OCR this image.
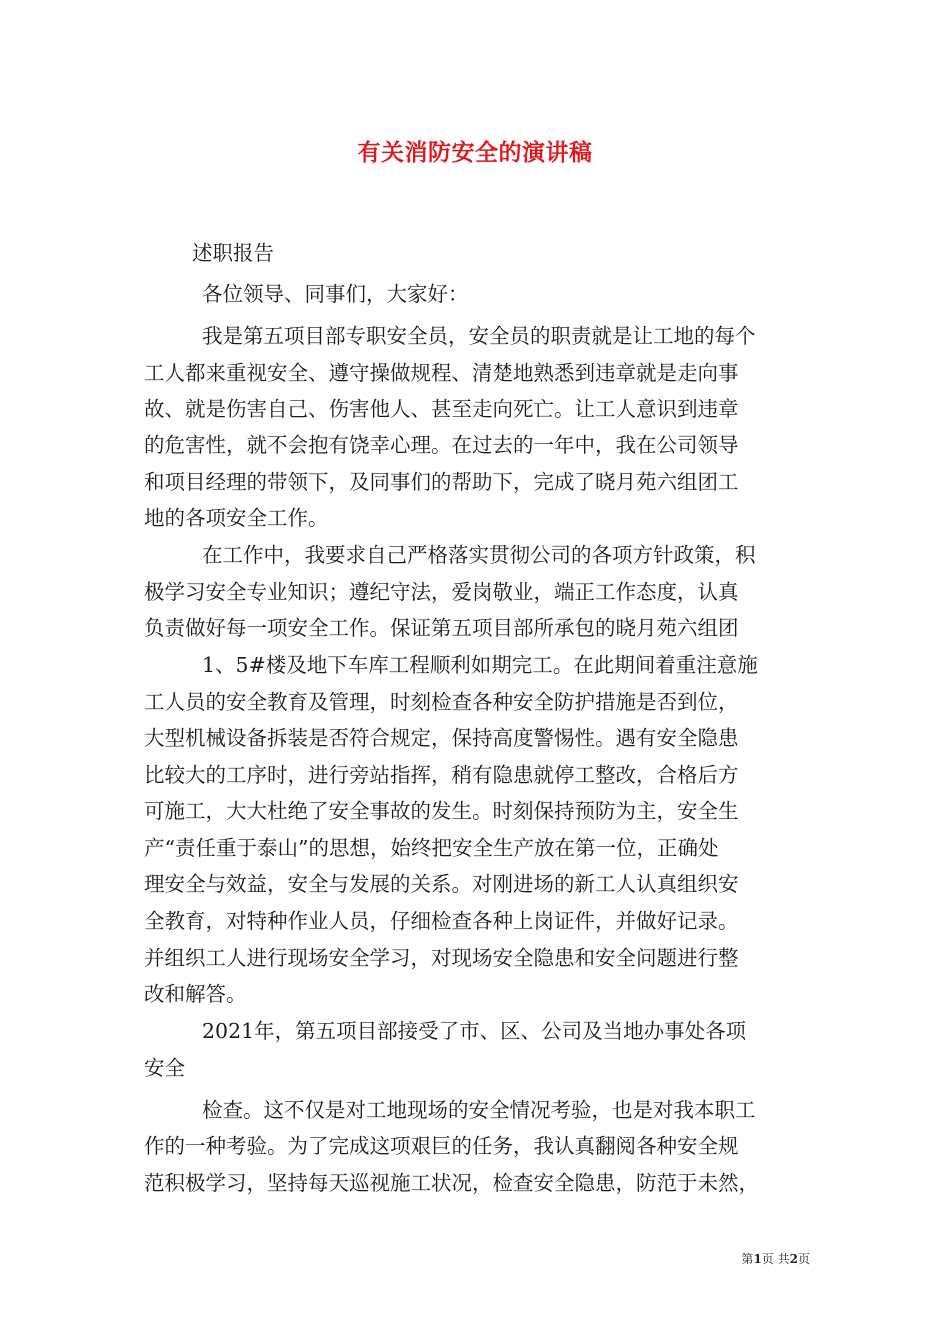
有关消防安全的演讲稿
述职报告
各位领导、同事们，大家好：
我是第五项目部专职安全员，安全员的职责就是让工地的每个
工人都来重视安全、遵守操做规程、清楚地熟悉到违章就是走向事
故、就是伤害自己、伤害他人、甚至走向死亡。让工人意识到违章
的危害性，就不会抱有饶幸心理。在过去的一年中，我在公司领导
和项目经理的带领下，及同事们的帮助下，完成了晓月苑六组团工
地的各项安全工作。
在工作中，我要求自己严格落实贯彻公司的各项方针政策，积
极学习安全专业知识；遵纪守法，爱岗敬业，端正工作态度，认真
负责做好每一项安全工作。保证第五项目部所承包的晓月苑六组团
1、5#楼及地下车库工程顺利如期完工。在此期间着重注意施
工人员的安全教育及管理，时刻检查各种安全防护措施是否到位，
大型机械设备拆装是否符合规定，保持高度警惕性。遇有安全隐患
比较大的工序时，进行旁站指挥，稍有隐患就停工整改，合格后方
可施工，大大杜绝了安全事故的发生。时刻保持预防为主，安全生
产“责任重于泰山”的思想，始终把安全生产放在第一位，正确处
理安全与效益，安全与发展的关系。对刚进场的新工人认真组织安
全教育，对特种作业人员，仔细检查各种上岗证件，并做好记录。
并组织工人进行现场安全学习，对现场安全隐患和安全问题进行整
改和解答。
2021年，第五项目部接受了市、区、公司及当地办事处各项
安全
检查。这不仅是对工地现场的安全情况考验，也是对我本职工
作的一种考验。为了完成这项艰巨的任务，我认真翻阅各种安全规
范积极学习，坚持每天巡视施工状况，检查安全隐患，防范于未然，
第1页 共2页
